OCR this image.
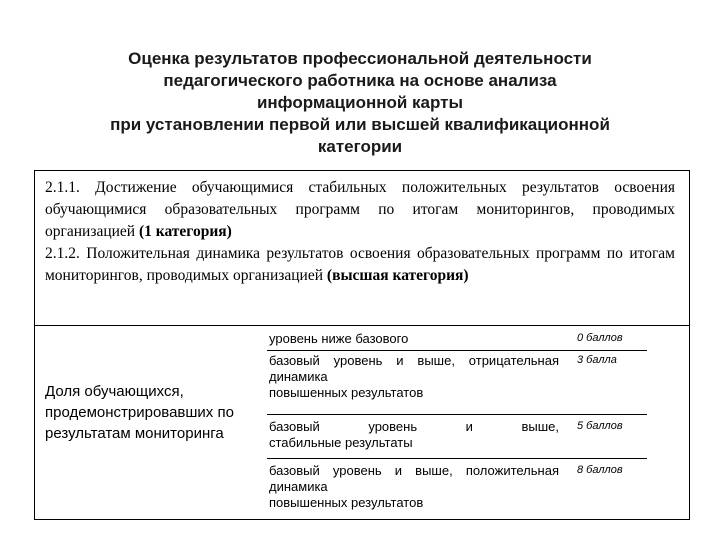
Оценка результатов профессиональной деятельности
педагогического работника на основе анализа
информационной карты
при установлении первой или высшей квалификационной
категории

2.1.1. Достижение обучающимися стабильных положительных результатов освоения обучающимися образовательных программ по итогам мониторингов, проводимых организацией (1 категория)

2.1.2. Положительная динамика результатов освоения образовательных программ по итогам мониторингов, проводимых организацией (высшая категория)

Доля обучающихся, продемонстрировавших по результатам мониторинга
уровень ниже базового	0 баллов
базовый уровень и выше, отрицательная динамика
повышенных результатов
3 балла
базовый уровень и выше,
стабильные результаты
5 баллов
базовый уровень и выше, положительная динамика
повышенных результатов
8 баллов
